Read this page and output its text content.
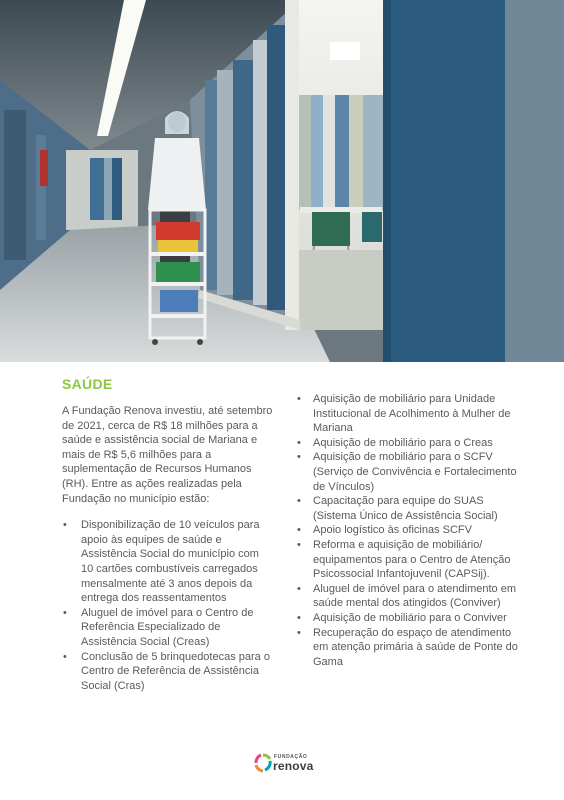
SAÚDE

A Fundação Renova investiu, até setembro de 2021, cerca de R$ 18 milhões para a saúde e assistência social de Mariana e mais de R$ 5,6 milhões para a suplementação de Recursos Humanos (RH). Entre as ações realizadas pela Fundação no município estão:

• Disponibilização de 10 veículos para apoio às equipes de saúde e Assistência Social do município com 10 cartões combustíveis carregados mensalmente até 3 anos depois da entrega dos reassentamentos
• Aluguel de imóvel para o Centro de Referência Especializado de Assistência Social (Creas)
• Conclusão de 5 brinquedotecas para o Centro de Referência de Assistência Social (Cras)
• Aquisição de mobiliário para Unidade Institucional de Acolhimento à Mulher de Mariana
• Aquisição de mobiliário para o Creas
• Aquisição de mobiliário para o SCFV (Serviço de Convivência e Fortalecimento de Vínculos)
• Capacitação para equipe do SUAS (Sistema Único de Assistência Social)
• Apoio logístico às oficinas SCFV
• Reforma e aquisição de mobiliário/ equipamentos para o Centro de Atenção Psicossocial Infantojuvenil (CAPSij).
• Aluguel de imóvel para o atendimento em saúde mental dos atingidos (Conviver)
• Aquisição de mobiliário para o Conviver
• Recuperação do espaço de atendimento em atenção primária à saúde de Ponte do Gama
FUNDAÇÃO
renova
